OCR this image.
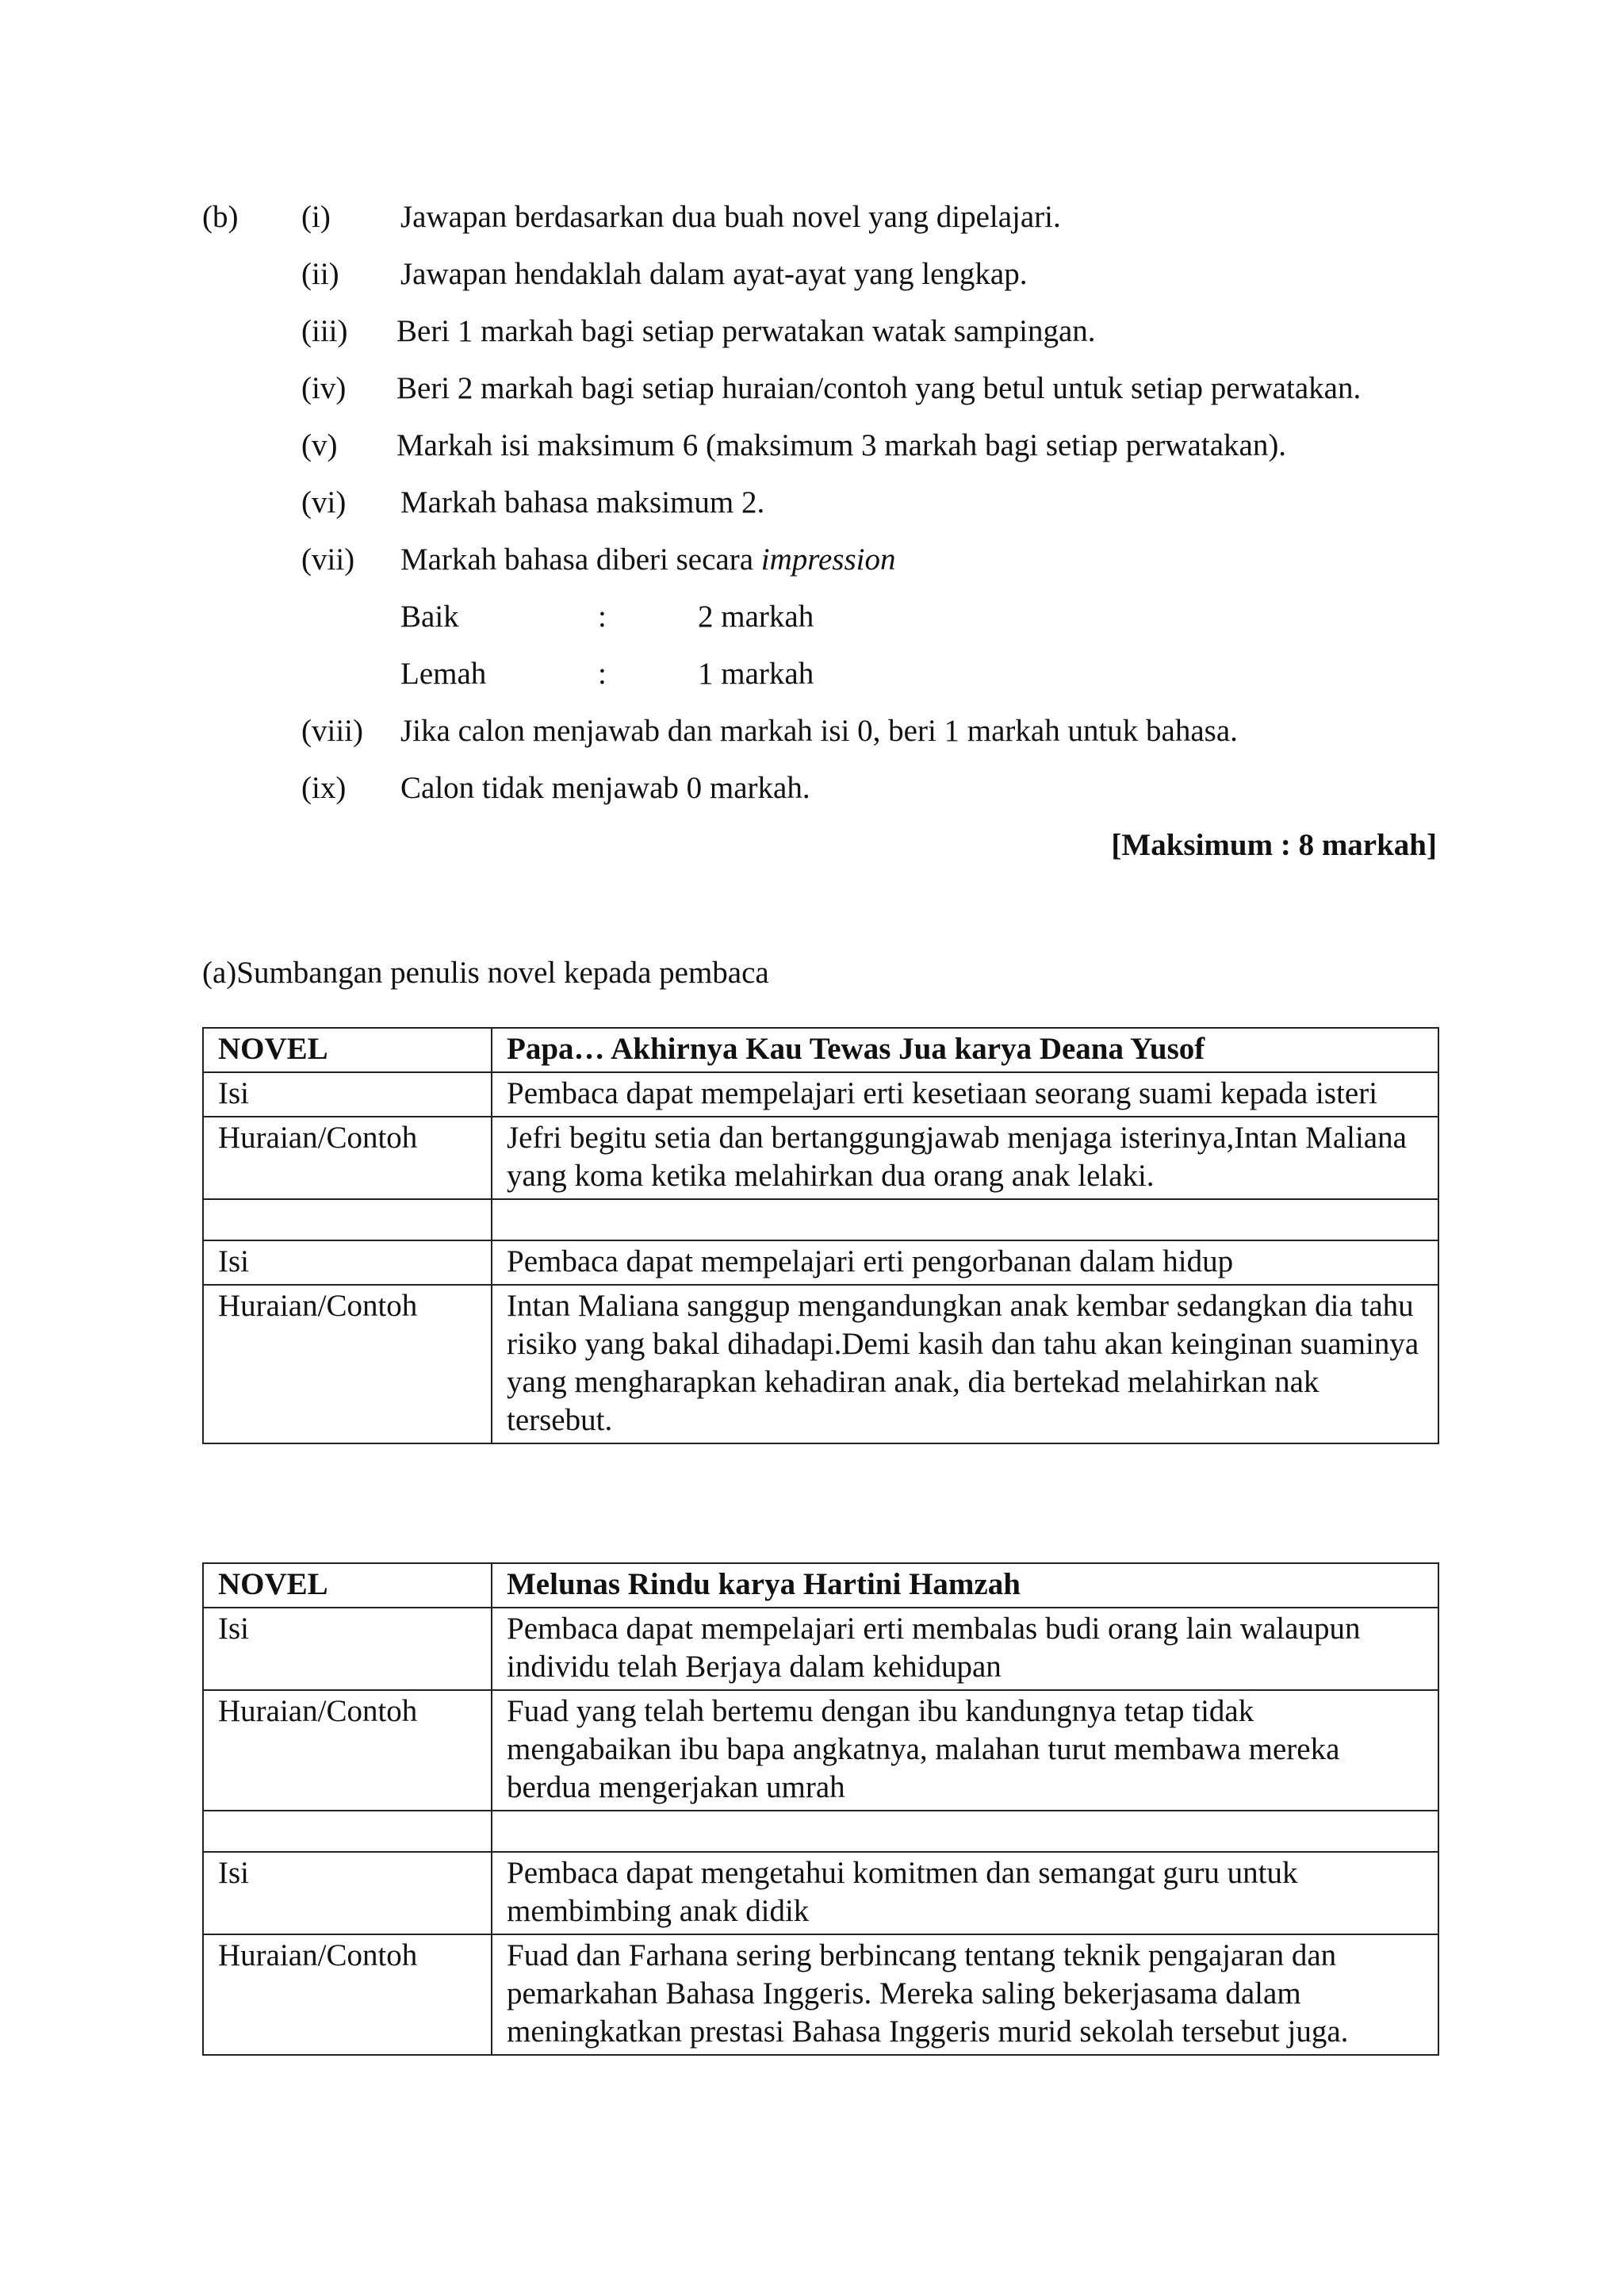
(b) (i) Jawapan berdasarkan dua buah novel yang dipelajari.
(ii) Jawapan hendaklah dalam ayat-ayat yang lengkap.
(iii) Beri 1 markah bagi setiap perwatakan watak sampingan.
(iv) Beri 2 markah bagi setiap huraian/contoh yang betul untuk setiap perwatakan.
(v) Markah isi maksimum 6 (maksimum 3 markah bagi setiap perwatakan).
(vi) Markah bahasa maksimum 2.
(vii) Markah bahasa diberi secara impression
Baik	:	2 markah
Lemah	:	1 markah
(viii) Jika calon menjawab dan markah isi 0, beri 1 markah untuk bahasa.
(ix) Calon tidak menjawab 0 markah.
[Maksimum : 8 markah]
(a)Sumbangan penulis novel kepada pembaca
NOVEL	Papa… Akhirnya Kau Tewas Jua karya Deana Yusof
Isi	Pembaca dapat mempelajari erti kesetiaan seorang suami kepada isteri
Huraian/Contoh	Jefri begitu setia dan bertanggungjawab menjaga isterinya,Intan Maliana yang koma ketika melahirkan dua orang anak lelaki.

Isi	Pembaca dapat mempelajari erti pengorbanan dalam hidup
Huraian/Contoh	Intan Maliana sanggup mengandungkan anak kembar sedangkan dia tahu risiko yang bakal dihadapi.Demi kasih dan tahu akan keinginan suaminya yang mengharapkan kehadiran anak, dia bertekad melahirkan nak tersebut.
NOVEL	Melunas Rindu karya Hartini Hamzah
Isi	Pembaca dapat mempelajari erti membalas budi orang lain walaupun individu telah Berjaya dalam kehidupan
Huraian/Contoh	Fuad yang telah bertemu dengan ibu kandungnya tetap tidak mengabaikan ibu bapa angkatnya, malahan turut membawa mereka berdua mengerjakan umrah

Isi	Pembaca dapat mengetahui komitmen dan semangat guru untuk membimbing anak didik
Huraian/Contoh	Fuad dan Farhana sering berbincang tentang teknik pengajaran dan pemarkahan Bahasa Inggeris. Mereka saling bekerjasama dalam meningkatkan prestasi Bahasa Inggeris murid sekolah tersebut juga.
